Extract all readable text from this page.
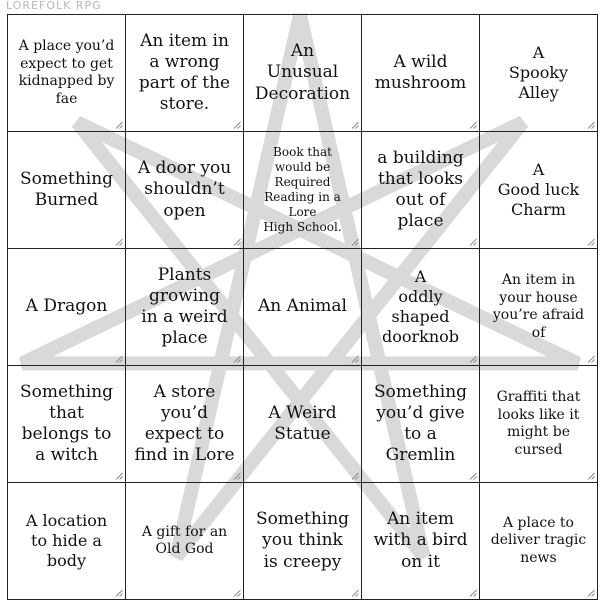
LOREFOLK RPG
A place you’d
expect to get
kidnapped by
fae
An item in
a wrong
part of the
store.
An
Unusual
Decoration
A wild
mushroom
A
Spooky
Alley
Something
Burned
A door you
shouldn’t
open
Book that
would be
Required
Reading in a
Lore
High School.
a building
that looks
out of
place
A
Good luck
Charm
A Dragon
Plants
growing
in a weird
place
An Animal
A
oddly
shaped
doorknob
An item in
your house
you’re afraid
of
Something
that
belongs to
a witch
A store
you’d
expect to
find in Lore
A Weird
Statue
Something
you’d give
to a
Gremlin
Graffiti that
looks like it
might be
cursed
A location
to hide a
body
A gift for an
Old God
Something
you think
is creepy
An item
with a bird
on it
A place to
deliver tragic
news
